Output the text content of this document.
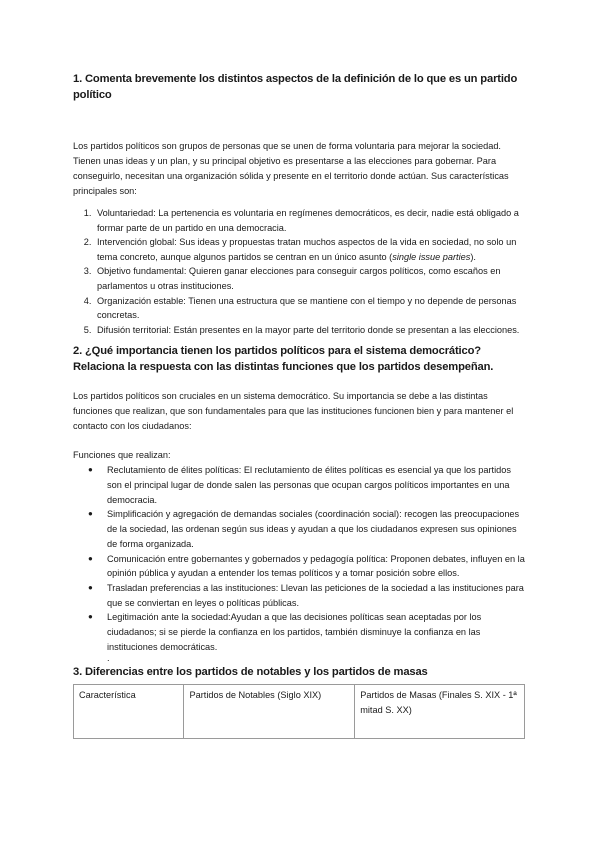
1. Comenta brevemente los distintos aspectos de la definición de lo que es un partido político

Los partidos políticos son grupos de personas que se unen de forma voluntaria para mejorar la sociedad. Tienen unas ideas y un plan, y su principal objetivo es presentarse a las elecciones para gobernar. Para conseguirlo, necesitan una organización sólida y presente en el territorio donde actúan. Sus características principales son:

1. Voluntariedad: La pertenencia es voluntaria en regímenes democráticos, es decir, nadie está obligado a formar parte de un partido en una democracia.
2. Intervención global: Sus ideas y propuestas tratan muchos aspectos de la vida en sociedad, no solo un tema concreto, aunque algunos partidos se centran en un único asunto (single issue parties).
3. Objetivo fundamental: Quieren ganar elecciones para conseguir cargos políticos, como escaños en parlamentos u otras instituciones.
4. Organización estable: Tienen una estructura que se mantiene con el tiempo y no depende de personas concretas.
5. Difusión territorial: Están presentes en la mayor parte del territorio donde se presentan a las elecciones.

2. ¿Qué importancia tienen los partidos políticos para el sistema democrático? Relaciona la respuesta con las distintas funciones que los partidos desempeñan.

Los partidos políticos son cruciales en un sistema democrático. Su importancia se debe a las distintas funciones que realizan, que son fundamentales para que las instituciones funcionen bien y para mantener el contacto con los ciudadanos:

Funciones que realizan:

● Reclutamiento de élites políticas: El reclutamiento de élites políticas es esencial ya que los partidos son el principal lugar de donde salen las personas que ocupan cargos políticos importantes en una democracia.
● Simplificación y agregación de demandas sociales (coordinación social): recogen las preocupaciones de la sociedad, las ordenan según sus ideas y ayudan a que los ciudadanos expresen sus opiniones de forma organizada.
● Comunicación entre gobernantes y gobernados y pedagogía política: Proponen debates, influyen en la opinión pública y ayudan a entender los temas políticos y a tomar posición sobre ellos.
● Trasladan preferencias a las instituciones: Llevan las peticiones de la sociedad a las instituciones para que se conviertan en leyes o políticas públicas.
● Legitimación ante la sociedad:Ayudan a que las decisiones políticas sean aceptadas por los ciudadanos; si se pierde la confianza en los partidos, también disminuye la confianza en las instituciones democráticas.
.

3. Diferencias entre los partidos de notables y los partidos de masas

Característica	Partidos de Notables (Siglo XIX)	Partidos de Masas (Finales S. XIX - 1ª mitad S. XX)
